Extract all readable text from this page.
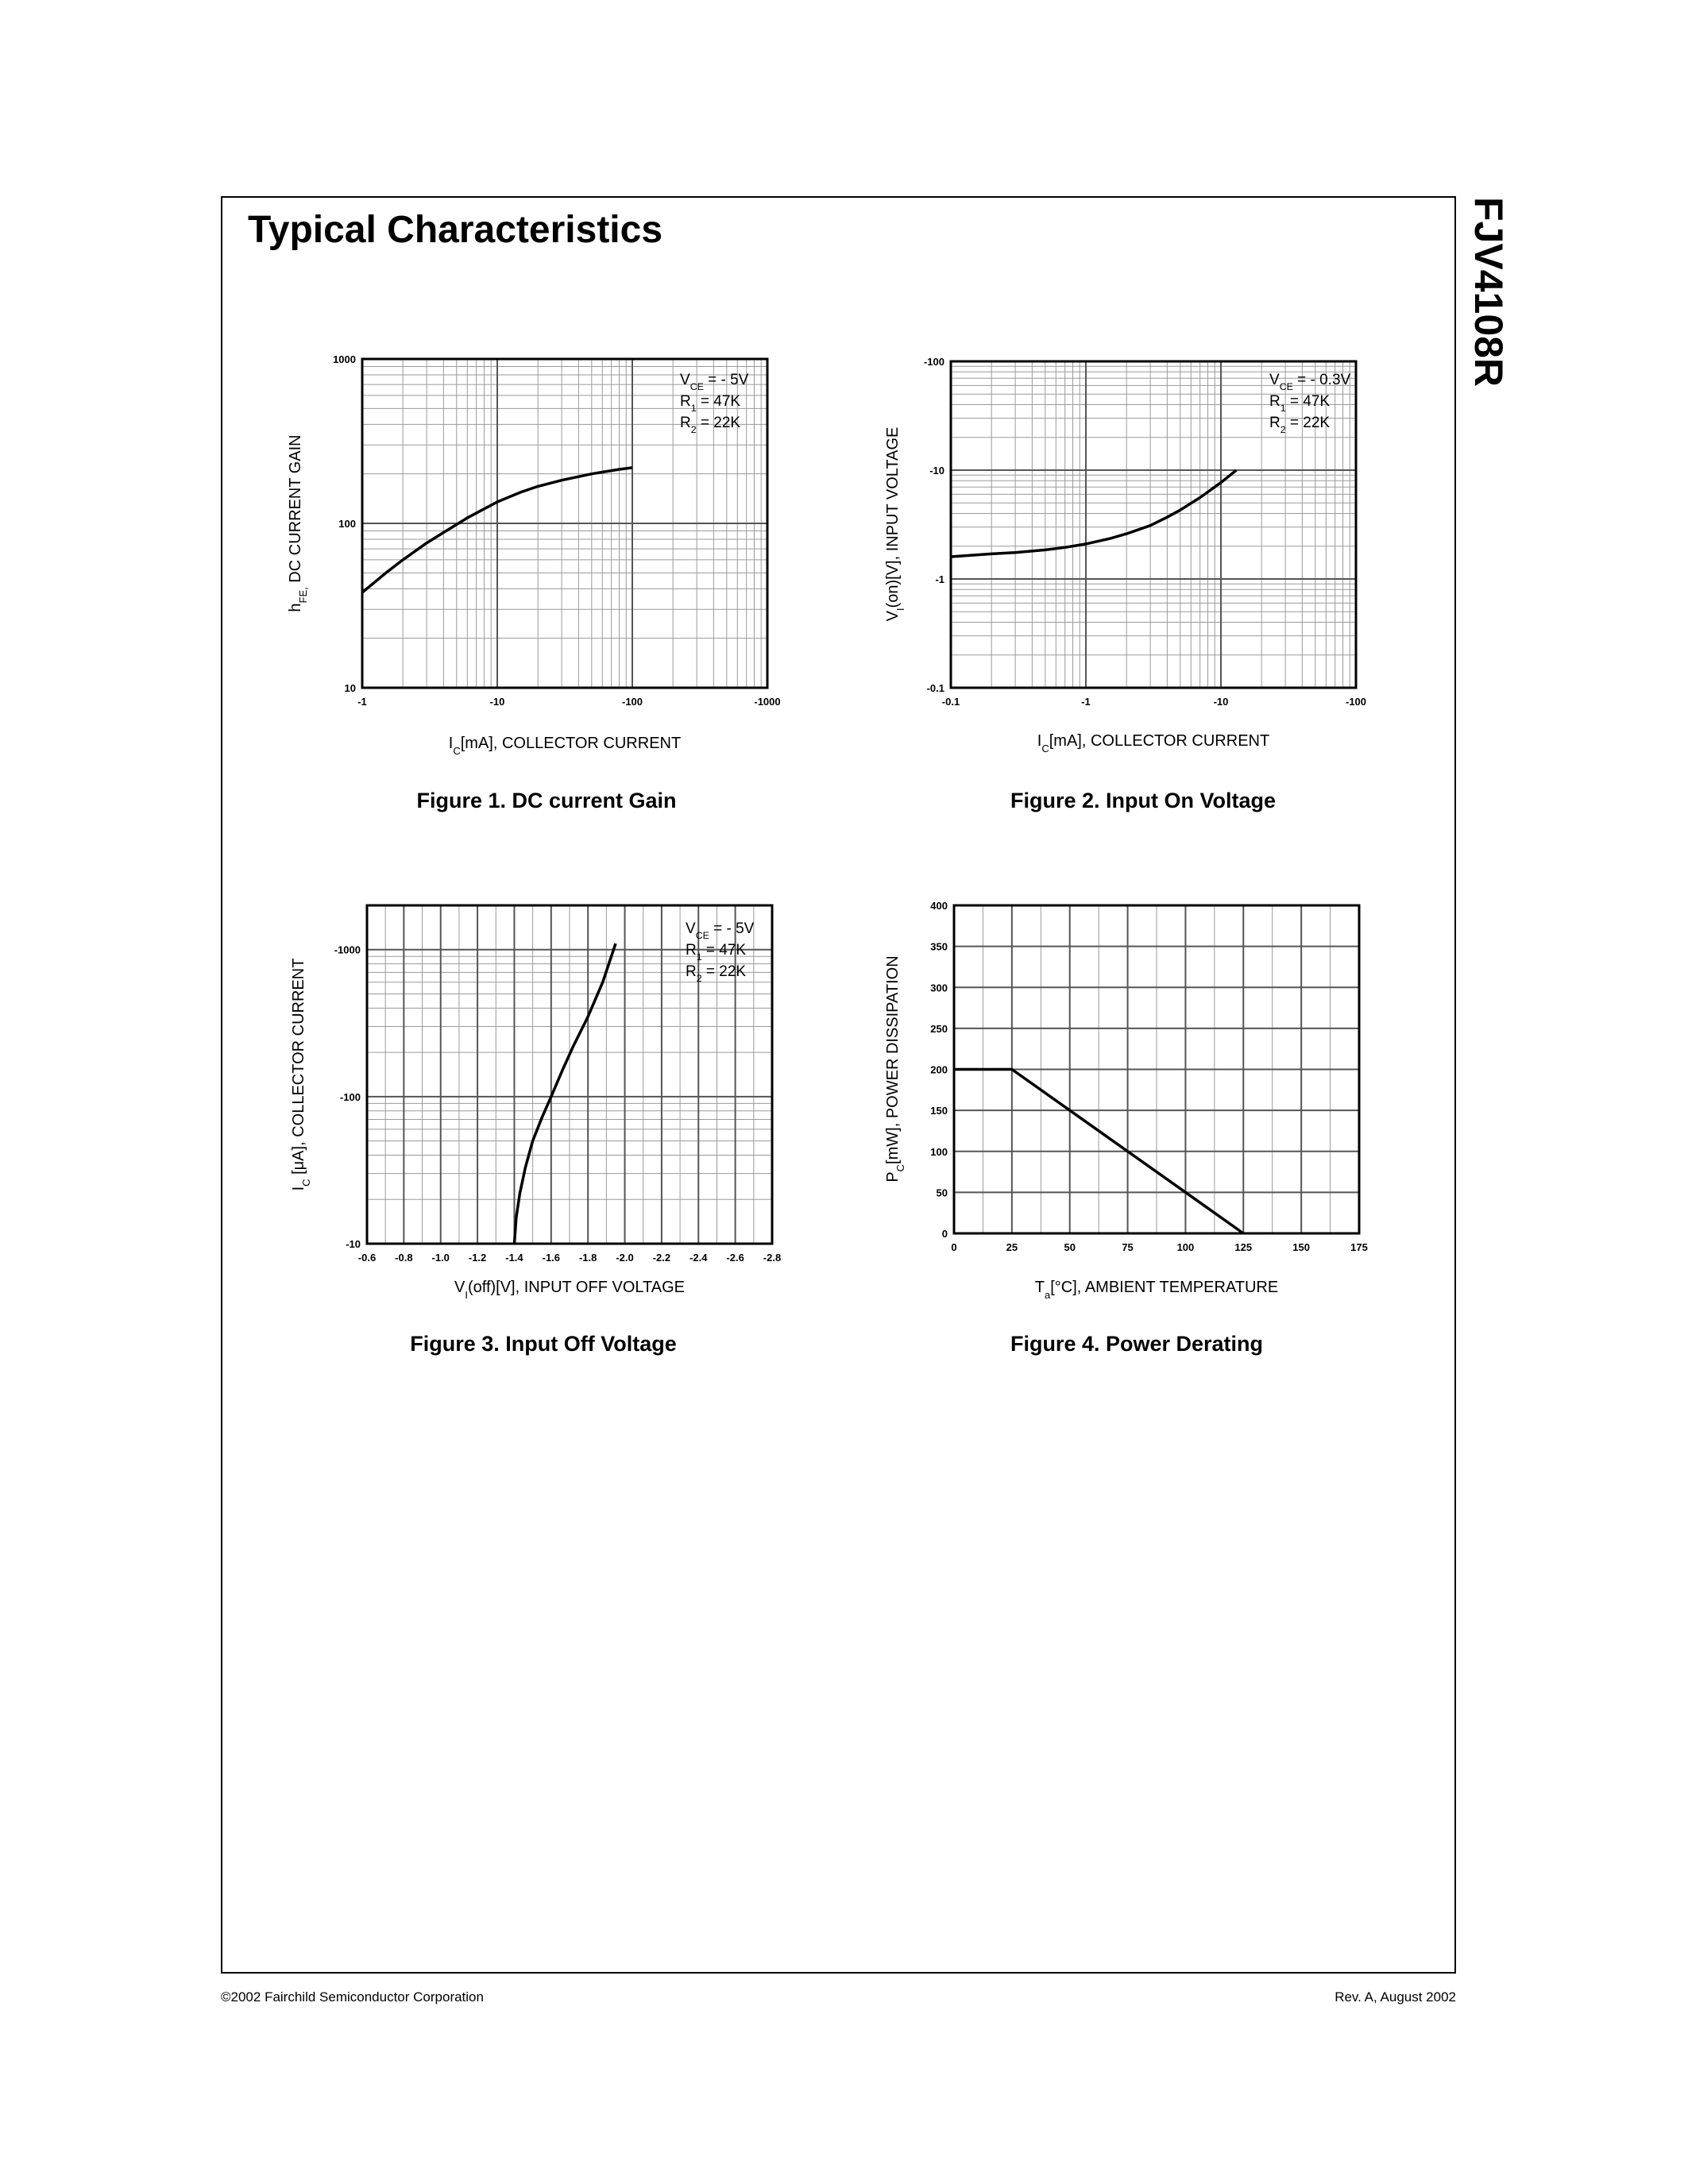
Typical Characteristics	FJV4108R
-1	-10	-100	-1000
10
100
1000
$I_C[mA]$, COLLECTOR CURRENT
$h_{FE,}$ DC CURRENT GAIN
$V_{CE}$ = - 5V
$R_1 = 47K$
$R_2 = 22K$
-0.1	-1	-10	-100
-0.1
-1
-10
-100
$I_C[mA]$, COLLECTOR CURRENT
$V_I(on)[V]$, INPUT VOLTAGE
$V_{CE}$ = - 0.3V
$R_1 = 47K$
$R_2 = 22K$
-0.6 -0.8 -1.0 -1.2 -1.4 -1.6 -1.8 -2.0 -2.2 -2.4 -2.6 -2.8
-10
-100
-1000
$V_I(off)[V]$, INPUT OFF VOLTAGE
$I_C$ [μA], COLLECTOR CURRENT
$V_{CE}$ = - 5V
$R_1 = 47K$
$R_2 = 22K$
0	25	50	75	100	125	150	175
0
50
100
150
200
250
300
350
400
$T_a[^\circ C]$, AMBIENT TEMPERATURE
$P_C[mW]$, POWER DISSIPATION
Figure 1. DC current Gain	Figure 2. Input On Voltage
Figure 3. Input Off Voltage	Figure 4. Power Derating
©2002 Fairchild Semiconductor Corporation	Rev. A, August 2002
